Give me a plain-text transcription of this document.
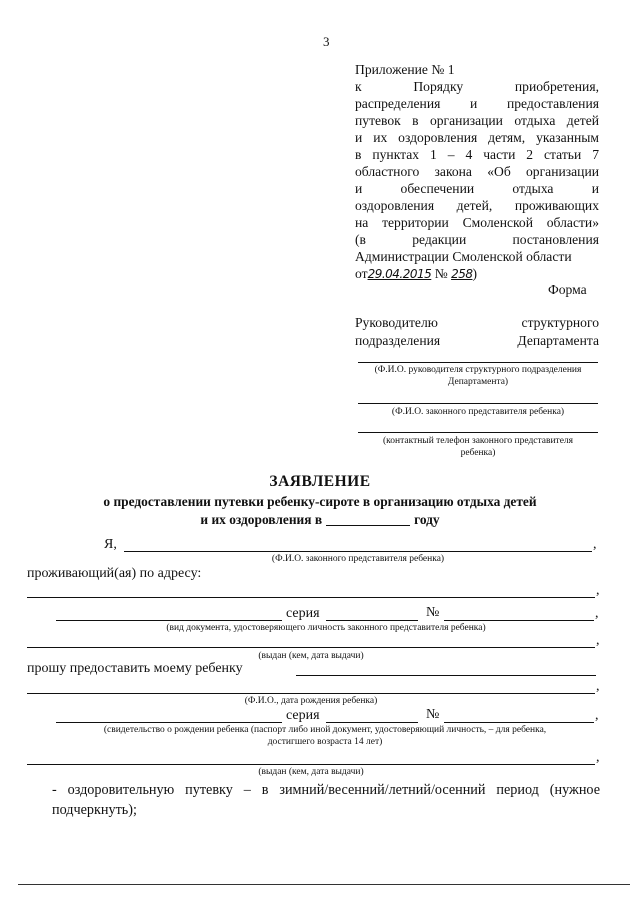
3
Приложение № 1
к	Порядку	приобретения,
распределения и предоставления
путевок в организации отдыха детей
и их оздоровления детям, указанным
в пунктах 1 – 4 части 2 статьи 7
областного закона «Об организации
и обеспечении отдыха и
оздоровления детей, проживающих
на территории Смоленской области»
(в редакции постановления
Администрации Смоленской области
от29.04.2015 № 258)
Форма
Руководителю	структурного
подразделения	Департамента
(Ф.И.О. руководителя структурного подразделения
Департамента)
(Ф.И.О. законного представителя ребенка)
(контактный телефон законного представителя
ребенка)
ЗАЯВЛЕНИЕ
о предоставлении путевки ребенку-сироте в организацию отдыха детей
и их оздоровления в	году
Я,	,
(Ф.И.О. законного представителя ребенка)
проживающий(ая) по адресу:
,
серия	№	,
(вид документа, удостоверяющего личность законного представителя ребенка)
,
(выдан (кем, дата выдачи)
прошу предоставить моему ребенку
,
(Ф.И.О., дата рождения ребенка)
серия	№	,
(свидетельство о рождении ребенка (паспорт либо иной документ, удостоверяющий личность, – для ребенка,
достигшего возраста 14 лет)
,
(выдан (кем, дата выдачи)
- оздоровительную путевку – в зимний/весенний/летний/осенний период (нужное подчеркнуть);
